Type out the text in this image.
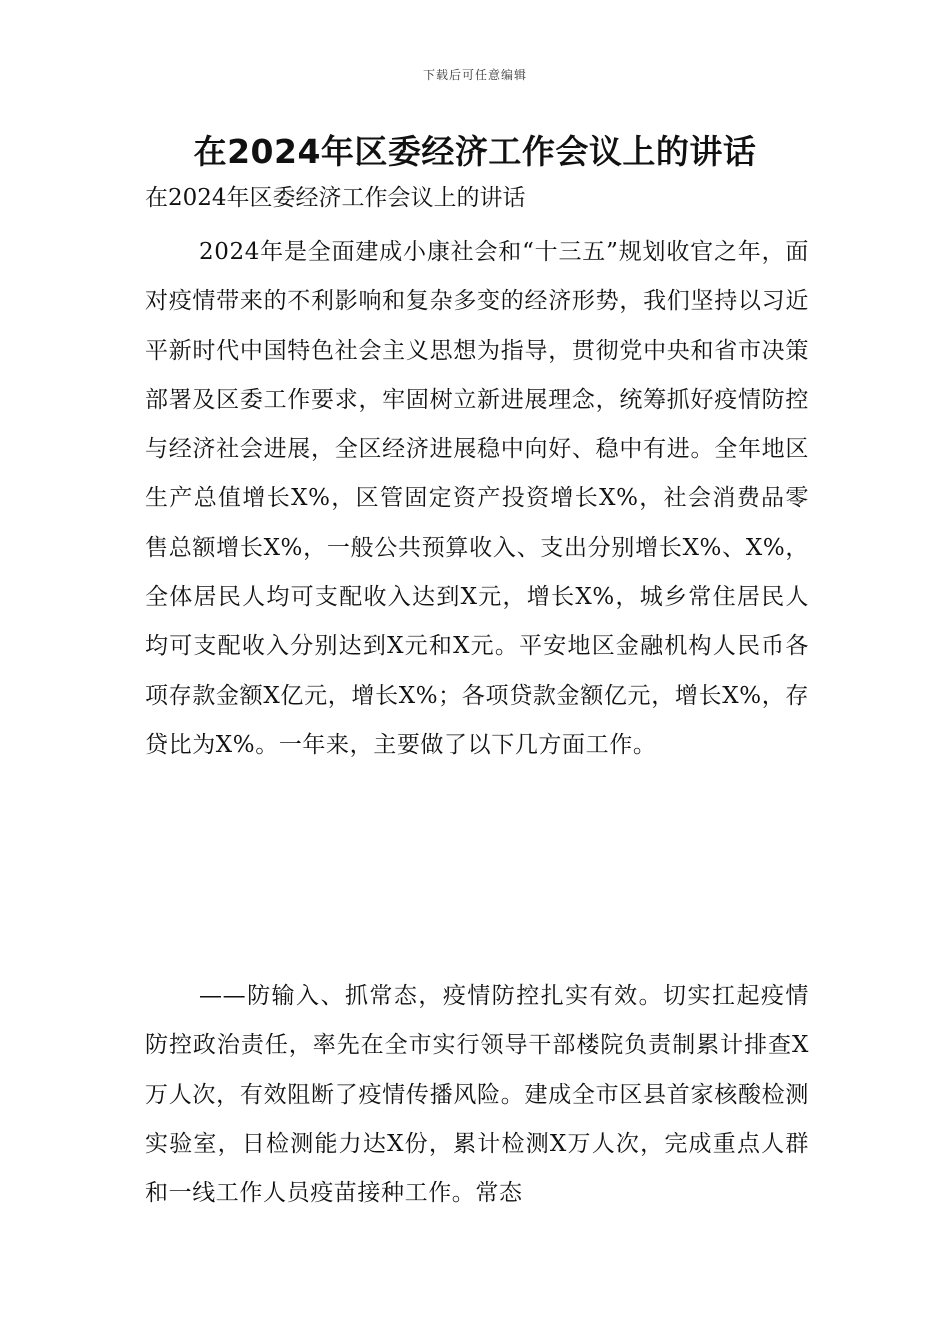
下载后可任意编辑
在2024年区委经济工作会议上的讲话

在2024年区委经济工作会议上的讲话

2024年是全面建成小康社会和“十三五”规划收官之年，面对疫情带来的不利影响和复杂多变的经济形势，我们坚持以习近平新时代中国特色社会主义思想为指导，贯彻党中央和省市决策部署及区委工作要求，牢固树立新进展理念，统筹抓好疫情防控与经济社会进展，全区经济进展稳中向好、稳中有进。全年地区生产总值增长X%，区管固定资产投资增长X%，社会消费品零售总额增长X%，一般公共预算收入、支出分别增长X%、X%，全体居民人均可支配收入达到X元，增长X%，城乡常住居民人均可支配收入分别达到X元和X元。平安地区金融机构人民币各项存款金额X亿元，增长X%；各项贷款金额亿元，增长X%，存贷比为X%。一年来，主要做了以下几方面工作。

——防输入、抓常态，疫情防控扎实有效。切实扛起疫情防控政治责任，率先在全市实行领导干部楼院负责制累计排查X万人次，有效阻断了疫情传播风险。建成全市区县首家核酸检测实验室，日检测能力达X份，累计检测X万人次，完成重点人群和一线工作人员疫苗接种工作。常态
